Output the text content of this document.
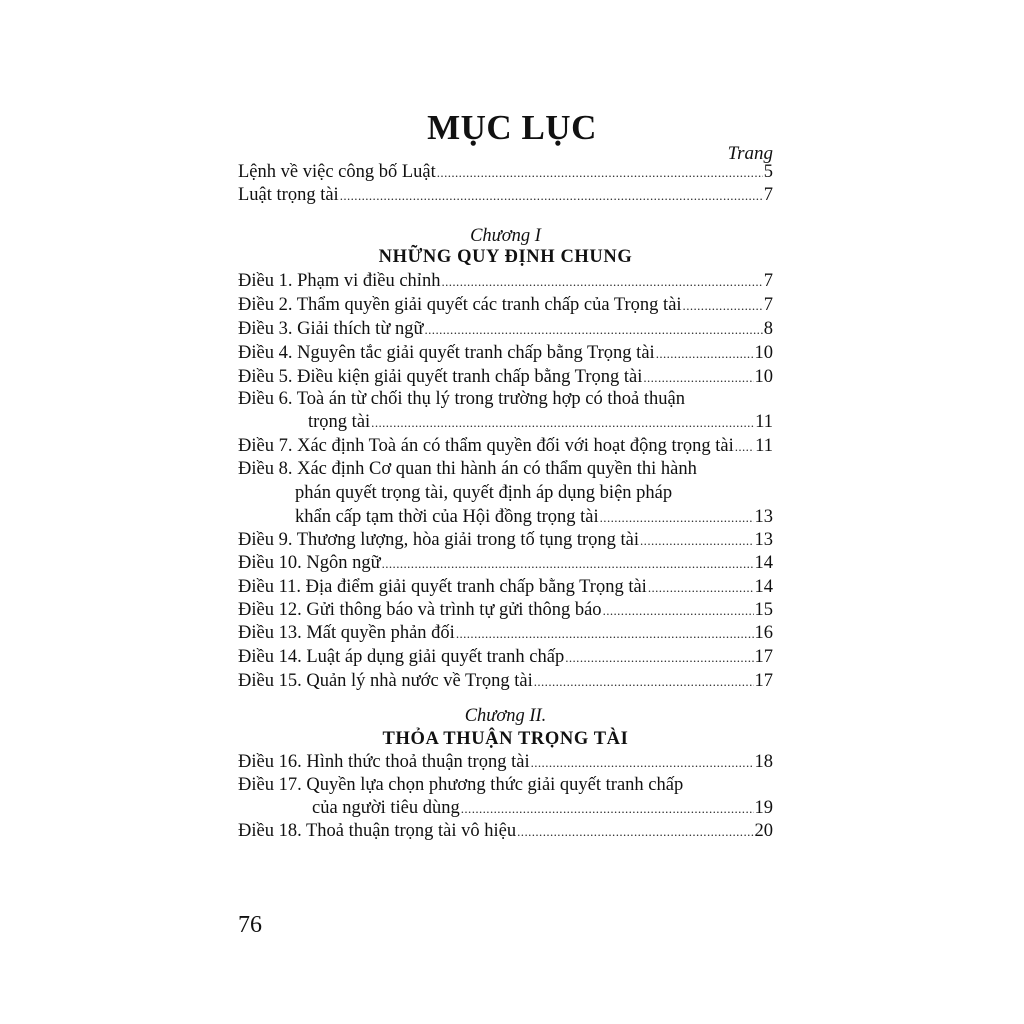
MỤC LỤC
Trang
Lệnh về việc công bố Luật .....	5
Luật trọng tài .....	7
Chương I
NHỮNG QUY ĐỊNH CHUNG
Điều 1. Phạm vi điều chỉnh .....	7
Điều 2. Thẩm quyền giải quyết các tranh chấp của Trọng tài .....	7
Điều 3. Giải thích từ ngữ .....	8
Điều 4. Nguyên tắc giải quyết tranh chấp bằng Trọng tài .....	10
Điều 5. Điều kiện giải quyết tranh chấp bằng Trọng tài .....	10
Điều 6. Toà án từ chối thụ lý trong trường hợp có thoả thuận
trọng tài .....	11
Điều 7. Xác định Toà án có thẩm quyền đối với hoạt động trọng tài ..... 11
Điều 8. Xác định Cơ quan thi hành án có thẩm quyền thi hành
phán quyết trọng tài, quyết định áp dụng biện pháp
khẩn cấp tạm thời của Hội đồng trọng tài .....	13
Điều 9. Thương lượng, hòa giải trong tố tụng trọng tài .....	13
Điều 10. Ngôn ngữ .....	14
Điều 11. Địa điểm giải quyết tranh chấp bằng Trọng tài .....	14
Điều 12. Gửi thông báo và trình tự gửi thông báo .....	15
Điều 13. Mất quyền phản đối .....	16
Điều 14. Luật áp dụng giải quyết tranh chấp .....	17
Điều 15. Quản lý nhà nước về Trọng tài .....	17
Chương II.
THỎA THUẬN TRỌNG TÀI
Điều 16. Hình thức thoả thuận trọng tài .....	18
Điều 17. Quyền lựa chọn phương thức giải quyết tranh chấp
của người tiêu dùng .....	19
Điều 18. Thoả thuận trọng tài vô hiệu .....	20
76
